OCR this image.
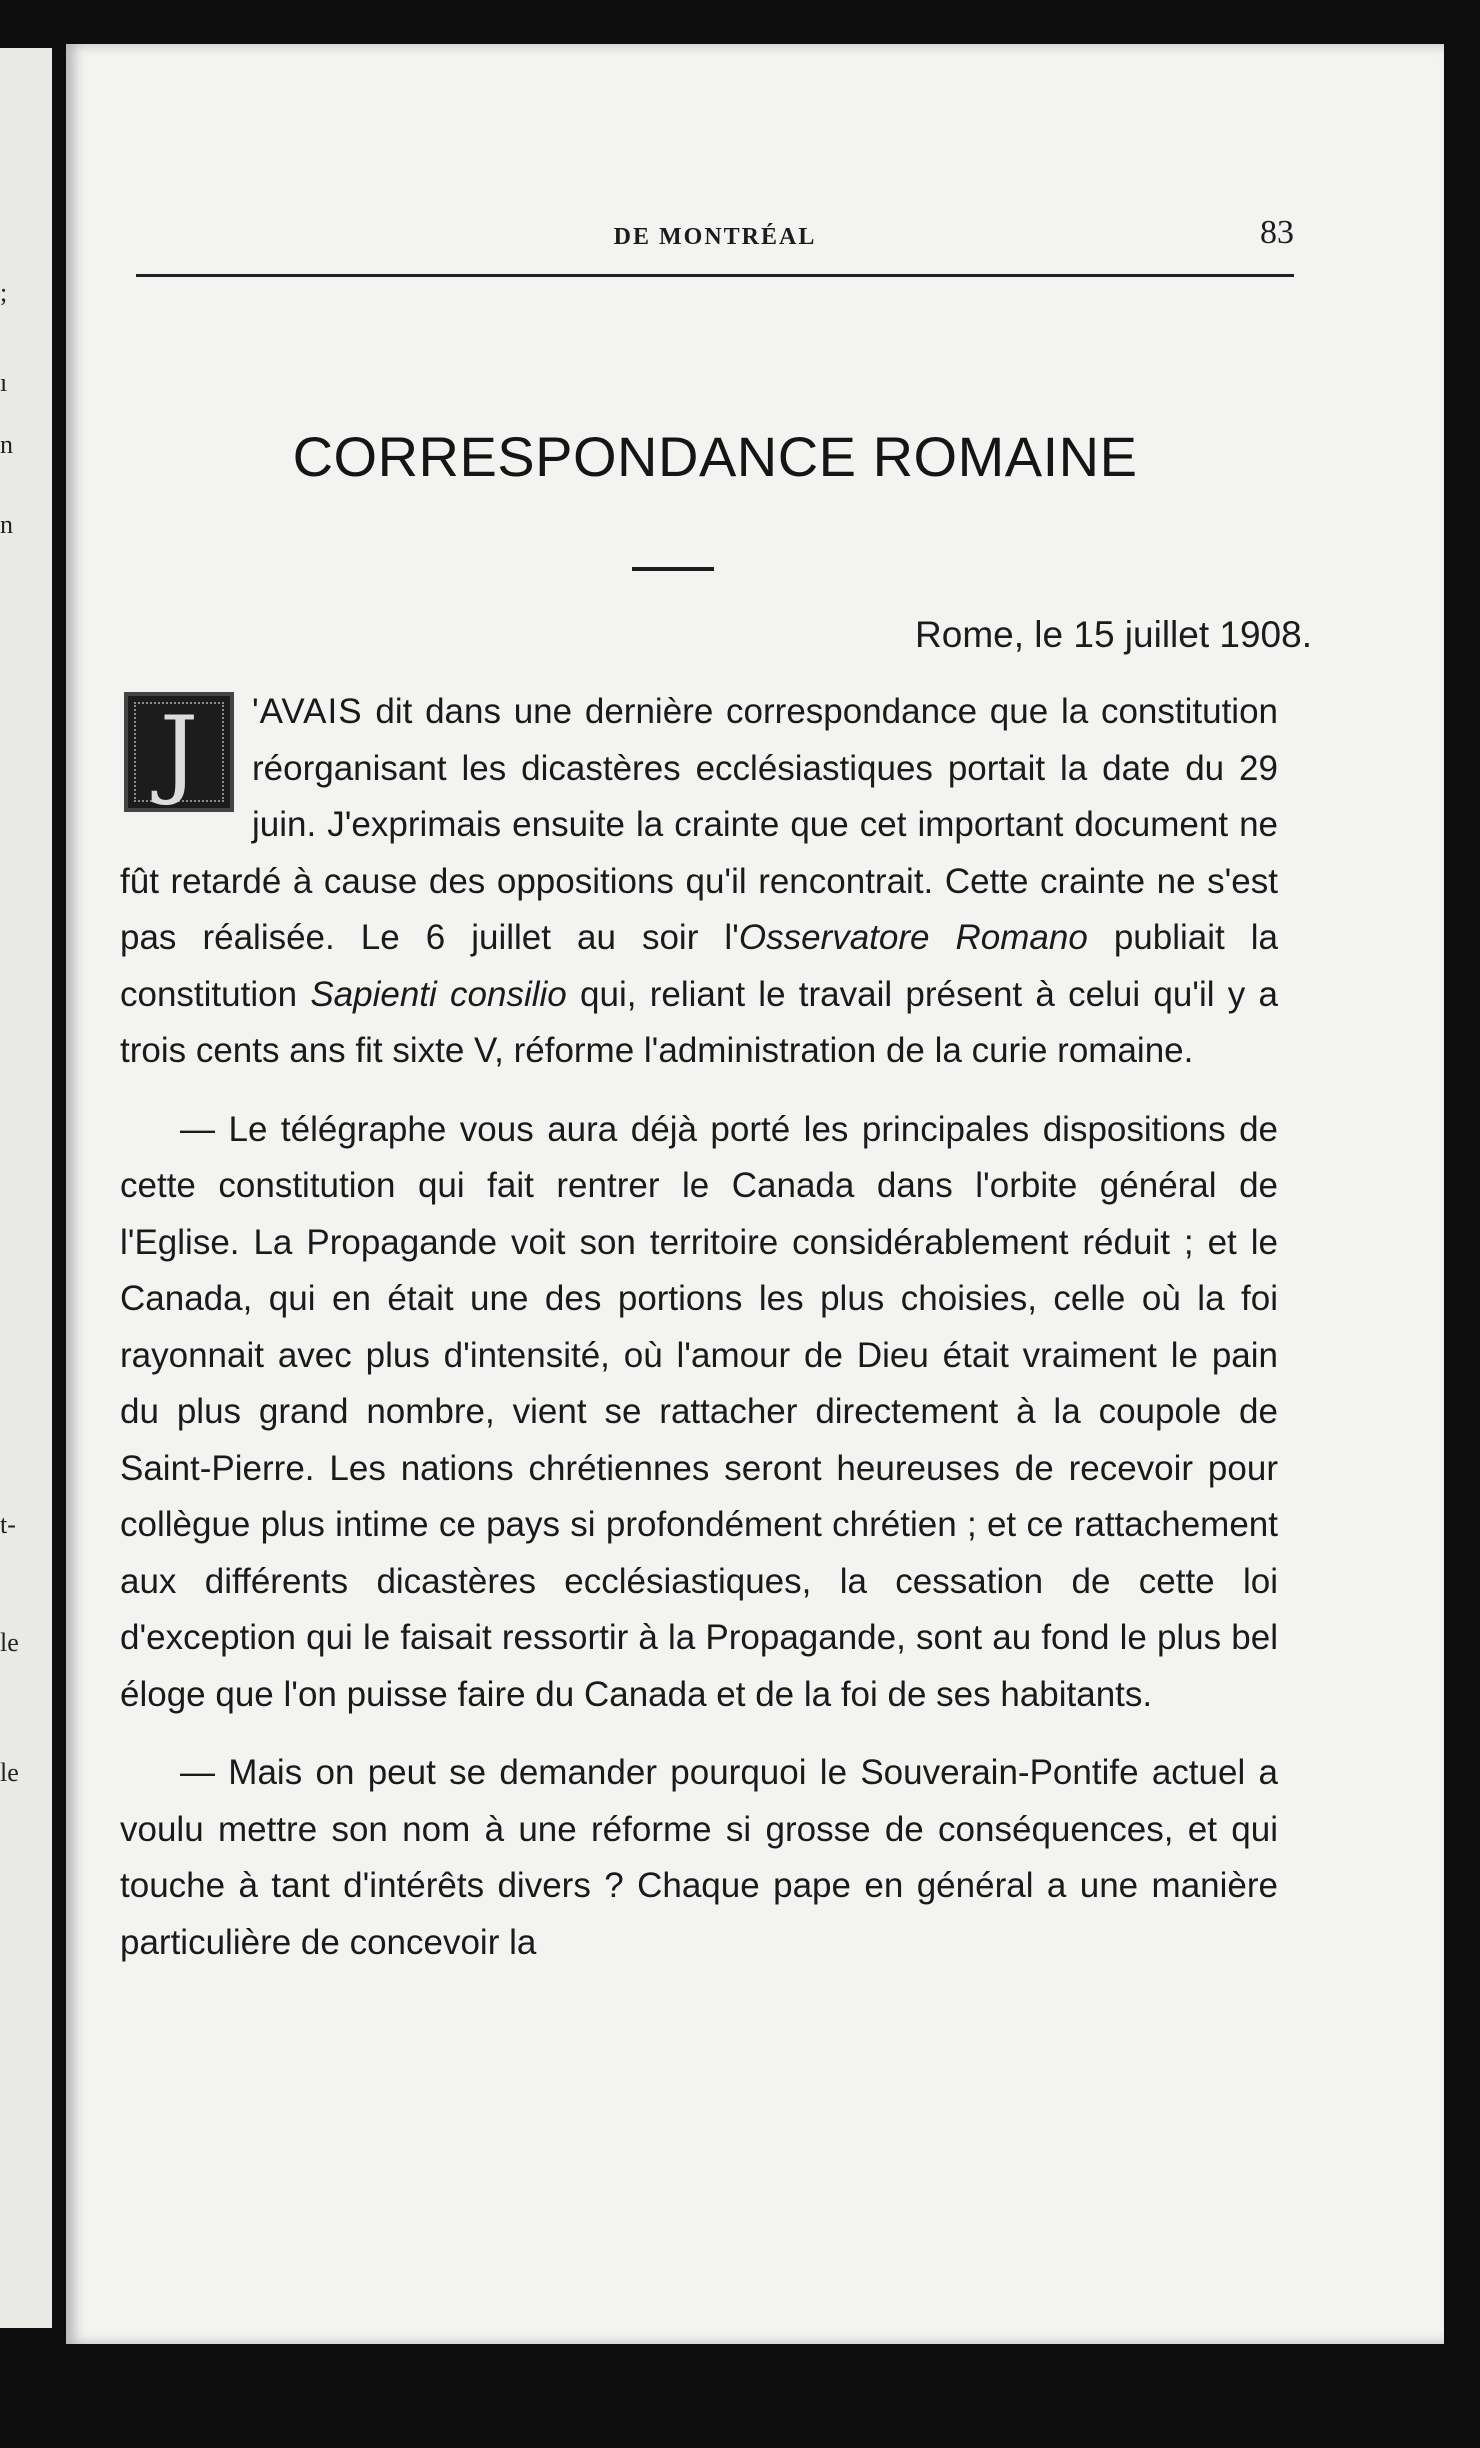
;
ı
n
n
t-
le
le
DE MONTRÉAL	83
CORRESPONDANCE ROMAINE
Rome, le 15 juillet 1908.

J	'AVAIS dit dans une dernière correspondance que la constitution réorganisant les dicastères ecclésiastiques portait la date du 29 juin. J'exprimais ensuite la crainte que cet important document ne fût retardé à cause des oppositions qu'il rencontrait. Cette crainte ne s'est pas réalisée. Le 6 juillet au soir l'Osservatore Romano publiait la constitution Sapienti consilio qui, reliant le travail présent à celui qu'il y a trois cents ans fit sixte V, réforme l'administration de la curie romaine.

— Le télégraphe vous aura déjà porté les principales dispositions de cette constitution qui fait rentrer le Canada dans l'orbite général de l'Eglise. La Propagande voit son territoire considérablement réduit ; et le Canada, qui en était une des portions les plus choisies, celle où la foi rayonnait avec plus d'intensité, où l'amour de Dieu était vraiment le pain du plus grand nombre, vient se rattacher directement à la coupole de Saint-Pierre. Les nations chrétiennes seront heureuses de recevoir pour collègue plus intime ce pays si profondément chrétien ; et ce rattachement aux différents dicastères ecclésiastiques, la cessation de cette loi d'exception qui le faisait ressortir à la Propagande, sont au fond le plus bel éloge que l'on puisse faire du Canada et de la foi de ses habitants.

— Mais on peut se demander pourquoi le Souverain-Pontife actuel a voulu mettre son nom à une réforme si grosse de conséquences, et qui touche à tant d'intérêts divers ? Chaque pape en général a une manière particulière de concevoir la
